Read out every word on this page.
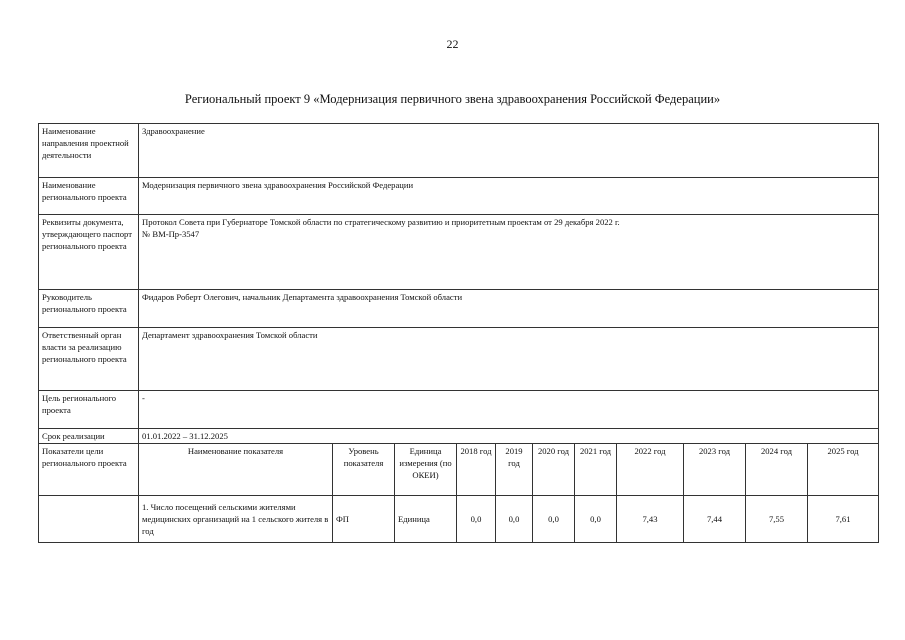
22
Региональный проект 9 «Модернизация первичного звена здравоохранения Российской Федерации»
Наименование направления проектной деятельности	Здравоохранение										
Наименование регионального проекта	Модернизация первичного звена здравоохранения Российской Федерации										
Реквизиты документа, утверждающего паспорт регионального проекта	Протокол Совета при Губернаторе Томской области по стратегическому развитию и приоритетным проектам от 29 декабря 2022 г.
№ ВМ-Пр-3547										

Руководитель регионального проекта	Фидаров Роберт Олегович, начальник Департамента здравоохранения Томской области										
Ответственный орган власти за реализацию регионального проекта	Департамент здравоохранения Томской области										
Цель регионального проекта	-										
Срок реализации	01.01.2022 – 31.12.2025										
Показатели цели регионального проекта	Наименование показателя	Уровень показателя	Единица измерения (по ОКЕИ)	2018 год	2019 год	2020 год	2021 год	2022 год	2023 год	2024 год	2025 год
	1. Число посещений сельскими жителями медицинских организаций на 1 сельского жителя в год	ФП	Единица	0,0	0,0	0,0	0,0	7,43	7,44	7,55	7,61
